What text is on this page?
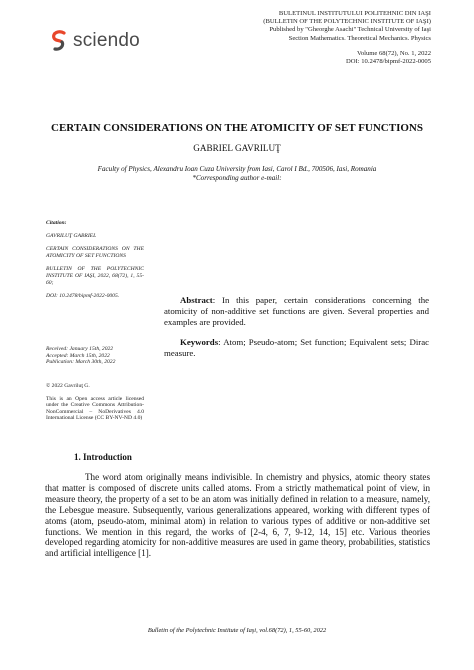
sciendo
BULETINUL INSTITUTULUI POLITEHNIC DIN IAŞI
(BULLETIN OF THE POLYTECHNIC INSTITUTE OF IAŞI)
Published by "Gheorghe Asachi" Technical University of Iaşi
Section Mathematics. Theoretical Mechanics. Physics
Volume 68(72), No. 1, 2022
DOI: 10.2478/bipmf-2022-0005
CERTAIN CONSIDERATIONS ON THE ATOMICITY OF SET FUNCTIONS
GABRIEL GAVRILUŢ
Faculty of Physics, Alexandru Ioan Cuza University from Iasi, Carol I Bd., 700506, Iasi, Romania
*Corresponding author e-mail:
Citation:

GAVRILUŢ GABRIEL

CERTAIN CONSIDERATIONS ON THE ATOMICITY OF SET FUNCTIONS

BULLETIN OF THE POLYTECHNIC INSTITUTE OF IAŞI, 2022, 68(72), 1, 55-60;

DOI: 10.2478/bipmf-2022-0005.

Received: January 15th, 2022
Accepted: March 15th, 2022
Publication: March 30th, 2022

© 2022 Gavriluţ G.

This is an Open access article licensed under the Creative Commons Attribution-NonCommercial – NoDerivatives 4.0 International License (CC BY-NV-ND 4.0)

Abstract: In this paper, certain considerations concerning the atomicity of non-additive set functions are given. Several properties and examples are provided.

Keywords: Atom; Pseudo-atom; Set function; Equivalent sets; Dirac measure.

1. Introduction

The word atom originally means indivisible. In chemistry and physics, atomic theory states that matter is composed of discrete units called atoms. From a strictly mathematical point of view, in measure theory, the property of a set to be an atom was initially defined in relation to a measure, namely, the Lebesgue measure. Subsequently, various generalizations appeared, working with different types of atoms (atom, pseudo-atom, minimal atom) in relation to various types of additive or non-additive set functions. We mention in this regard, the works of [2-4, 6, 7, 9-12, 14, 15] etc. Various theories developed regarding atomicity for non-additive measures are used in game theory, probabilities, statistics and artificial intelligence [1].

Bulletin of the Polytechnic Institute of Iaşi, vol.68(72), 1, 55-60, 2022
